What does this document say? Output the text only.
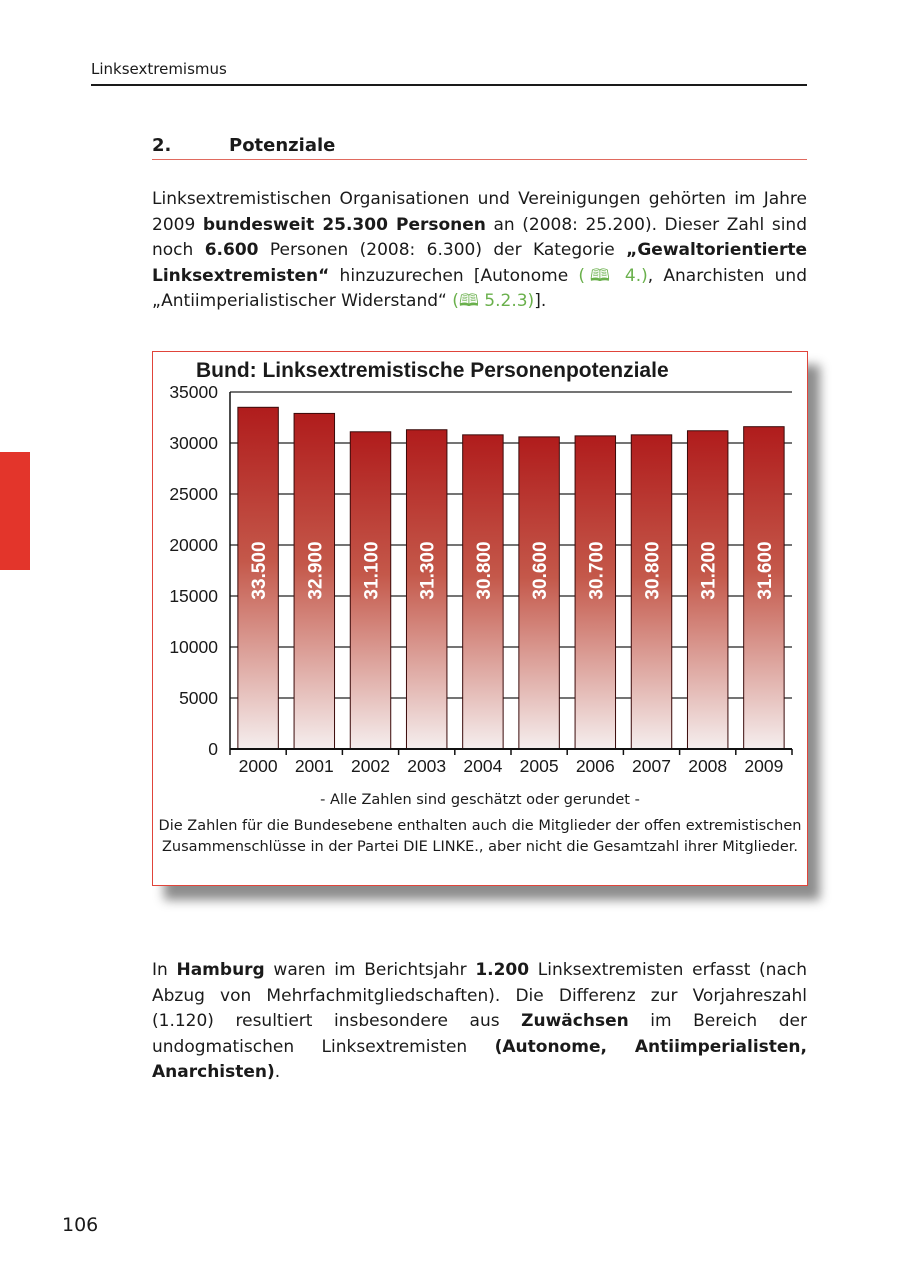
Linksextremismus
2.	Potenziale
Linksextremistischen Organisationen und Vereinigungen gehörten im Jahre 2009 bundesweit 25.300 Personen an (2008: 25.200). Dieser Zahl sind noch 6.600 Personen (2008: 6.300) der Kategorie „Gewaltorientierte Linksextremisten“ hinzuzurechen [Autonome (🕮 4.), Anarchisten und „Antiimperialistischer Widerstand“ (🕮 5.2.3)].
Bund: Linksextremistische Personenpotenziale
33.500 32.900 31.100 31.300 30.800 30.600 30.700 30.800 31.200 31.600
0
5000
10000
15000
20000
25000
30000
35000
2000 2001 2002 2003 2004 2005 2006 2007 2008 2009
- Alle Zahlen sind geschätzt oder gerundet -
Die Zahlen für die Bundesebene enthalten auch die Mitglieder der offen extremistischen Zusammenschlüsse in der Partei DIE LINKE., aber nicht die Gesamtzahl ihrer Mitglieder.
In Hamburg waren im Berichtsjahr 1.200 Linksextremisten erfasst (nach Abzug von Mehrfachmitgliedschaften). Die Differenz zur Vorjahreszahl (1.120) resultiert insbesondere aus Zuwächsen im Bereich der undogmatischen Linksextremisten (Autonome, Antiimperialisten, Anarchisten).
106
